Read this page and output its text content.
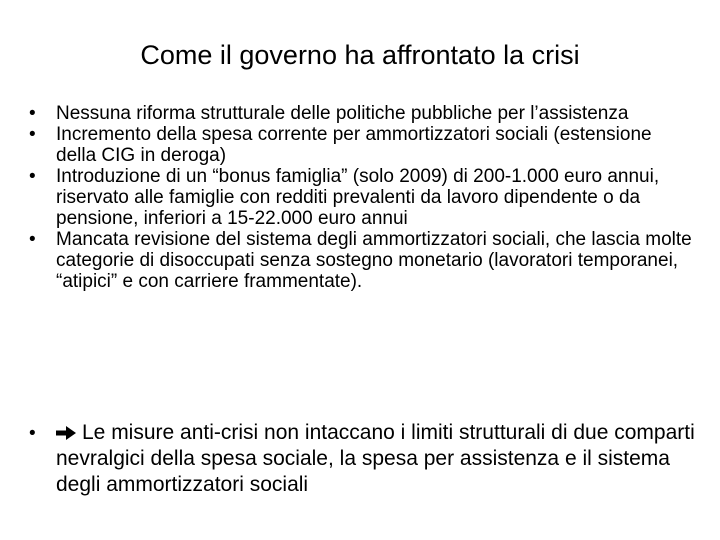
Come il governo ha affrontato la crisi
• Nessuna riforma strutturale delle politiche pubbliche per l’assistenza
• Incremento della spesa corrente per ammortizzatori sociali (estensione della CIG in deroga)
• Introduzione di un “bonus famiglia” (solo 2009) di 200-1.000 euro annui, riservato alle famiglie con redditi prevalenti da lavoro dipendente o da pensione, inferiori a 15-22.000 euro annui
• Mancata revisione del sistema degli ammortizzatori sociali, che lascia molte categorie di disoccupati senza sostegno monetario (lavoratori temporanei, “atipici” e con carriere frammentate).
• Le misure anti-crisi non intaccano i limiti strutturali di due comparti nevralgici della spesa sociale, la spesa per assistenza e il sistema degli ammortizzatori sociali
